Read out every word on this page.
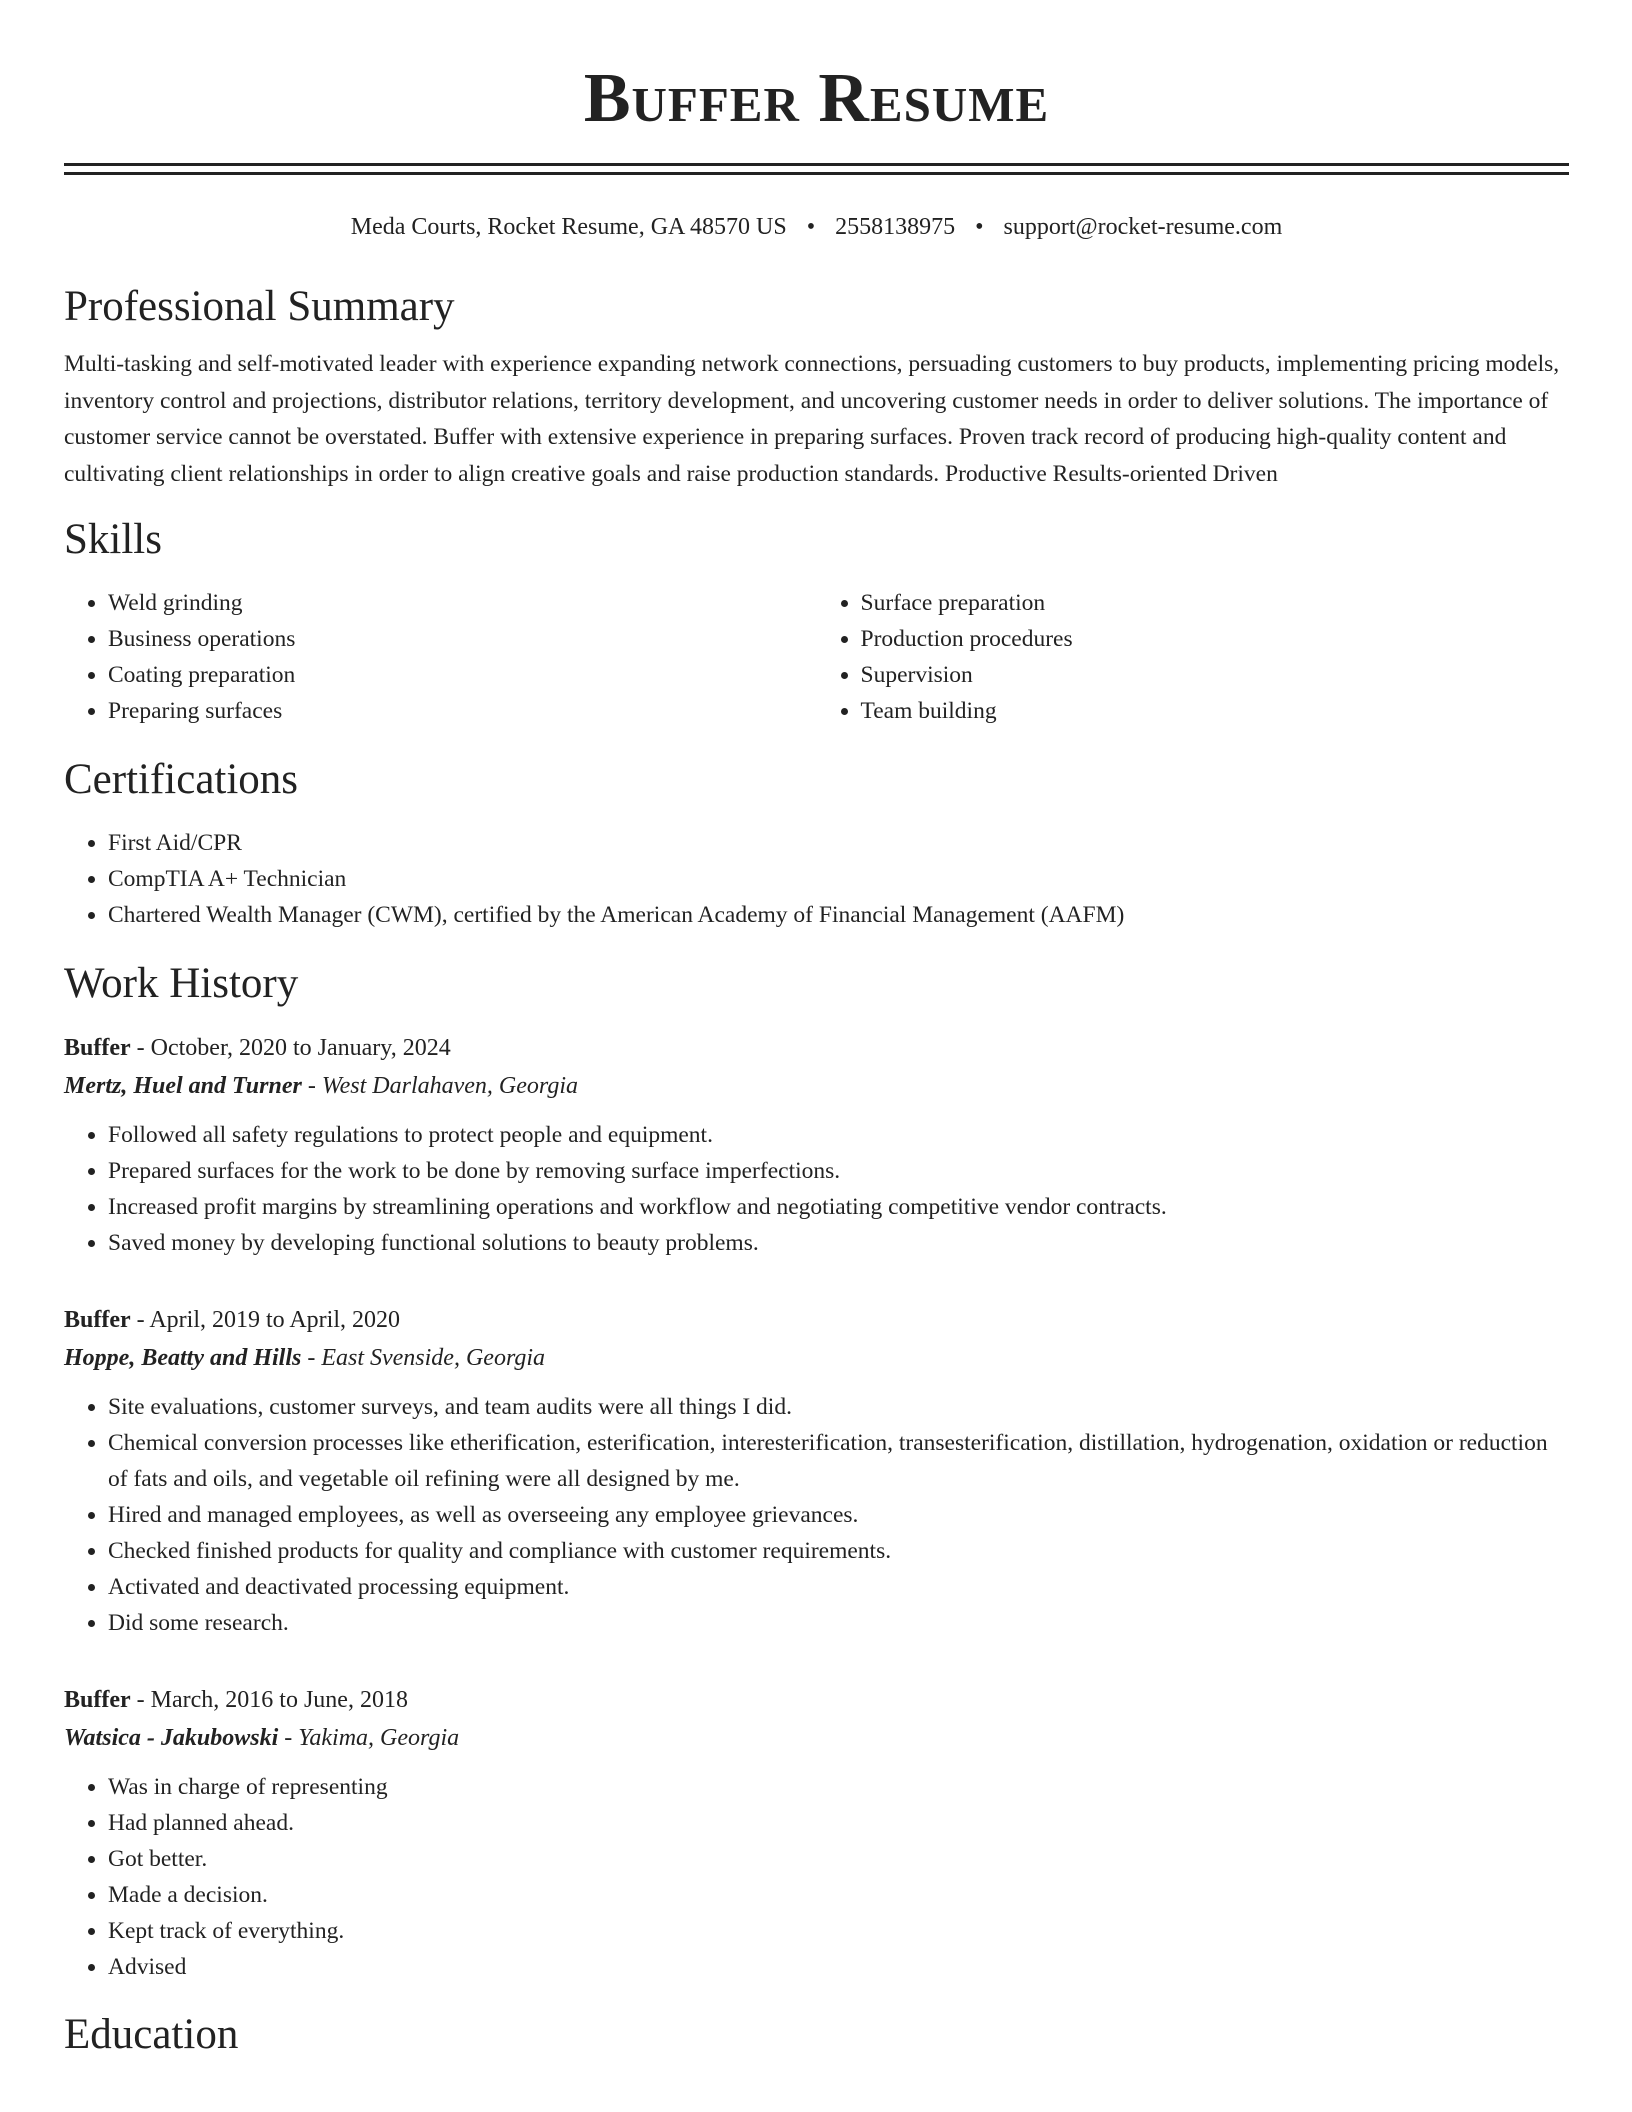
Buffer Resume
Meda Courts, Rocket Resume, GA 48570 US • 2558138975 • support@rocket-resume.com
Professional Summary

Multi-tasking and self-motivated leader with experience expanding network connections, persuading customers to buy products, implementing pricing models, inventory control and projections, distributor relations, territory development, and uncovering customer needs in order to deliver solutions. The importance of customer service cannot be overstated. Buffer with extensive experience in preparing surfaces. Proven track record of producing high-quality content and cultivating client relationships in order to align creative goals and raise production standards. Productive Results-oriented Driven

Skills
• Weld grinding
• Business operations
• Coating preparation
• Preparing surfaces
• Surface preparation
• Production procedures
• Supervision
• Team building
Certifications
• First Aid/CPR
• CompTIA A+ Technician
• Chartered Wealth Manager (CWM), certified by the American Academy of Financial Management (AAFM)
Work History
Buffer - October, 2020 to January, 2024
Mertz, Huel and Turner - West Darlahaven, Georgia
• Followed all safety regulations to protect people and equipment.
• Prepared surfaces for the work to be done by removing surface imperfections.
• Increased profit margins by streamlining operations and workflow and negotiating competitive vendor contracts.
• Saved money by developing functional solutions to beauty problems.
Buffer - April, 2019 to April, 2020
Hoppe, Beatty and Hills - East Svenside, Georgia
• Site evaluations, customer surveys, and team audits were all things I did.
• Chemical conversion processes like etherification, esterification, interesterification, transesterification, distillation, hydrogenation, oxidation or reduction of fats and oils, and vegetable oil refining were all designed by me.
• Hired and managed employees, as well as overseeing any employee grievances.
• Checked finished products for quality and compliance with customer requirements.
• Activated and deactivated processing equipment.
• Did some research.
Buffer - March, 2016 to June, 2018
Watsica - Jakubowski - Yakima, Georgia
• Was in charge of representing
• Had planned ahead.
• Got better.
• Made a decision.
• Kept track of everything.
• Advised
Education
